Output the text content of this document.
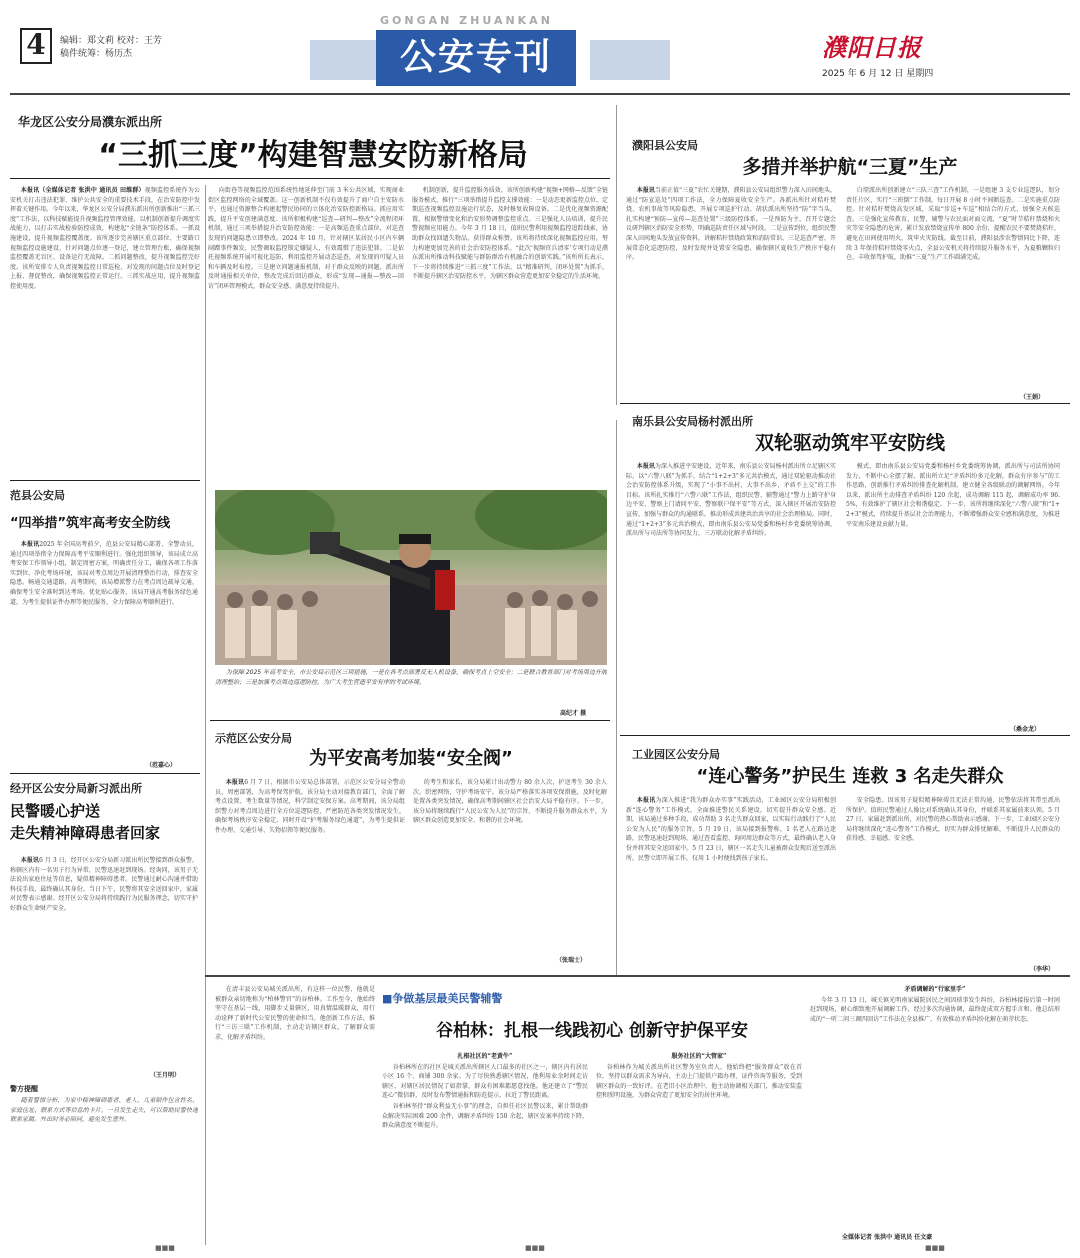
4	编辑：郑文莉 校对：王芳
稿件统筹：杨历杰
GONGAN ZHUANKAN
公安专刊	濮阳日报
2025 年 6 月 12 日 星期四
华龙区公安分局濮东派出所
“三抓三度”构建智慧安防新格局

本报讯（全媒体记者 张洪中 通讯员 田维群）视频监控系统作为公安机关打击违法犯罪、维护公共安全的重要技术手段，在治安防控中发挥着关键作用。今年以来，华龙区公安分局濮东派出所创新推出“三抓三度”工作法，以科技赋能提升视频监控管理效能，以机制创新提升调度实战能力，以打击实战检验防控成效，构建起“全链条”防控体系。一抓设施建设，提升视频监控覆盖度。该所逐步完善辖区重点部位、主要路口视频监控设施建设，针对问题点位逐一登记，建立管理台账，确保视频监控覆盖无盲区、设备运行无故障。二抓问题整改，提升视频监控完好度。该所安排专人负责视频监控日常巡检，对发现的问题点位及时登记上报、督促整改，确保视频监控正常运行。三抓实战应用，提升视频监控使用度。

向街巷等视频监控范围系统性地延伸至门前 3 米公共区域，实现商业街区监控网络的全域覆盖。这一创新机制不仅有效提升了商户自主安防水平，也通过资源整合构建起警民协同的立体化治安防控新格局。抓应用实践，提升平安创建满意度。该所积极构建“巡查—研判—整改”全流程闭环机制，通过三项举措提升治安防控效能：一是高频巡查重点部位，对巡查发现的问题隐患立即整改。2024 年 10 月，针对辖区某居民小区内车辆剐蹭事件频发，民警调取监控锁定嫌疑人，有效震慑了违法犯罪。二是依托视频系统开展可视化巡防，利用监控开展动态巡查，对发现的可疑人员和车辆及时布控。三是建立问题通报机制，对于群众反映的问题，派出所及时通报相关单位，整改完成后回访群众，形成“发现—通报—整改—回访”闭环管理模式，群众安全感、满意度持续提升。

机制创新，提升监控服务质效。该所创新构建“视频+网格—反馈”全链服务模式，推行“三项举措提升监控支撑效能：一是动态更新监控点位，定期巡查视频监控设施运行状态，及时修复故障设备。二是优化视频资源配置，根据警情变化和治安形势调整监控重点。三是强化人员培训，提升民警视频应用能力。今年 3 月 18 日，值班民警利用视频监控追踪线索，协助群众找回遗失物品，获得群众称赞。该所将持续深化视频监控应用，努力构建更加完善的社会治安防控体系。“此次‘视频官兵清零’专项行动是濮东派出所推动科技赋能与群防群治有机融合的创新实践。”该所所长表示，下一步将持续推进“三抓三度”工作法，以“精准研判、闭环处置”为抓手，不断提升辖区治安防控水平，为辖区群众营造更加安全稳定的生活环境。

濮阳县公安局
多措并举护航“三夏”生产

本报讯当前正值“三夏”农忙关键期，濮阳县公安局组织警力深入田间地头，通过“防宣巡处”四项工作法，全力保障夏收安全生产。各派出所针对秸秆焚烧、农机事故等风险隐患，开展专项巡护行动。胡状派出所坚持“防”字当头，扎实构建“预防—宣传—巡查处置”三级防控体系。一是预防为主，召开专题会议研判辖区消防安全形势，明确巡防责任区域与时段。二是宣传到位，组织民警深入田间地头发放宣传资料，讲解秸秆禁烧政策和消防常识。三是巡查严密，开展常态化巡逻防控，及时发现并处置安全隐患，确保辖区夏收生产秩序平稳有序。

白堽派出所创新建立“三队三查”工作机制，一是组建 3 支专业巡逻队，划分责任片区，实行“三班倒”工作制，每日开展 8 小时不间断巡查。二是实施重点防控。针对秸秆焚烧高发区域，采取“步巡+车巡”相结合的方式，加强全天候巡查。三是强化宣传教育，民警、辅警与农民面对面交流，“夏”时节秸秆禁烧和火灾等安全隐患的危害，累计发放禁烧宣传单 800 余份，提醒农民不要焚烧秸秆，避免在田间使用明火，筑牢火灾防线。截至目前，濮阳县涉农警情同比下降，连续 3 年保持秸秆禁烧零火点，全县公安机关将持续提升服务水平，为夏粮颗粒归仓、丰收保驾护航，助推“三夏”生产工作圆满完成。

（王娟）
南乐县公安局杨村派出所
双轮驱动筑牢平安防线

本报讯为深入推进平安建设，近年来，南乐县公安局杨村派出所立足辖区实际，以“六警八联”为抓手，结合“1+2+3”多元共治模式，通过双轮驱动推动社会治安防控体系升级，实现了“小事不出村，大事不出乡，矛盾不上交”的工作目标。该所扎实推行“六警六联”工作法，组织民警、辅警通过“警力上路守护身边平安、警察上门请问平安、警察联户保平安”等方式，深入辖区开展治安防控宣传，加强与群众的沟通联系，推动形成共建共治共享的社会治理格局。同时，通过“1+2+3”多元共治模式，即由南乐县公安局党委和杨村乡党委统筹协调，派出所与司法所等协同发力，三方联动化解矛盾纠纷。

模式，即由南乐县公安局党委和杨村乡党委统筹协调，派出所与司法所协同发力，不断中心全摆了解。派出所立足“矛盾纠纷多元化解，群众有序参与”的工作思路，创新推行矛盾纠纷排查化解机制，建立健全各级联动的调解网络。今年以来，派出所主动排查矛盾纠纷 120 余起，成功调解 115 起，调解成功率 96.5%，有效维护了辖区社会和谐稳定。下一步，该所将继续深化“六警八联”和“1+2+3”模式，持续提升基层社会治理能力，不断增强群众安全感和满意度，为推进平安南乐建设贡献力量。

（桑金龙）
工业园区公安分局
“连心警务”护民生 连救 3 名走失群众

本报讯为深入推进“我为群众办实事”实践活动，工业园区公安分局积极创新“连心警务”工作模式，全面推进警民关系建设，切实提升群众安全感。近期，该局通过多种手段，成功帮助 3 名走失群众回家，以实际行动践行了“人民公安为人民”的服务宗旨。5 月 19 日，该局接到报警称，1 名老人在路边迷路，民警迅速赶到现场，通过查看监控、询问周边群众等方式，最终确认老人身份并将其安全送回家中。5 月 23 日，辖区一名走失儿童被群众发现后送至派出所，民警立即开展工作，仅用 1 小时便找到孩子家长。

安全隐患。因该男子疑似精神障碍且无法正常沟通，民警依法将其带至派出所保护。值班民警通过人像比对系统确认其身份，并联系其家属前来认领。5 月 27 日，家属赶到派出所，对民警的热心帮助表示感谢。下一步，工业园区公安分局将继续深化“连心警务”工作模式，切实为群众排忧解难，不断提升人民群众的获得感、幸福感、安全感。

（李华）
范县公安局
“四举措”筑牢高考安全防线

本报讯2025 年全国高考前夕，范县公安局精心部署，全警动员，通过四项举措全力保障高考平安顺利进行。强化组织领导，该局成立高考安保工作领导小组，制定周密方案，明确责任分工，确保各项工作落实到位。净化考场环境，该局对考点周边开展清理整治行动，排查安全隐患。畅通交通道路，高考期间，该局增派警力在考点周边疏导交通，确保考生安全准时到达考场。优化贴心服务，该局开通高考服务绿色通道，为考生提供证件办理等便民服务，全力保障高考顺利进行。

（范嘉心）
经开区公安分局新习派出所
民警暖心护送
走失精神障碍患者回家

本报讯6 月 3 日，经开区公安分局新习派出所民警接到群众报警，称辖区内有一名男子行为异常，民警迅速赶到现场。经询问，该男子无法说出家庭住址等信息，疑似精神障碍患者。民警通过耐心沟通并借助科技手段，最终确认其身份。当日下午，民警将其安全送回家中，家属对民警表示感谢。经开区公安分局将持续践行为民服务理念，切实守护好群众生命财产安全。

（王月明）
警方提醒

随着警情分析，为家中精神障碍患者、老人、儿童制作包含姓名、家庭住址、联系方式等信息的卡片，一旦发生走失，可以帮助民警快速联系家属。外出时务必陪同，避免发生意外。

为保障 2025 年高考安全，市公安局示范区三项措施，一是在各考点部署反无人机设备，确保考点上空安全；二是联合教育部门对考场周边开展清理整治；三是加强考点周边巡逻防控，为广大考生营造平安有序的考试环境。

高纪才 摄
示范区公安分局
为平安高考加装“安全阀”

本报讯6 月 7 日，根据市公安局总体部署，示范区公安分局全警动员，周密部署，为高考保驾护航。该分局主动对接教育部门，全面了解考点设置、考生数量等情况，科学制定安保方案。高考期间，该分局组织警力对考点周边进行全方位巡逻防控，严密防范各类突发情况发生，确保考场秩序安全稳定。同时开设“护考服务绿色通道”，为考生提供证件办理、交通引导、失物招领等便民服务。

的考生和家长，该分局累计出动警力 80 余人次，护送考生 30 余人次。织密网络，守护考场安宁。该分局严格落实各项安保措施，及时化解处置各类突发情况，确保高考期间辖区社会治安大局平稳有序。下一步，该分局将继续践行“人民公安为人民”的宗旨，不断提升服务群众水平，为辖区群众创造更加安全、和谐的社会环境。

（张瑞士）

在清丰县公安局城关派出所，有这样一位民警，他就是被群众亲切地称为“柏林警官”的谷柏林。工作至今，他始终坚守在基层一线，用脚步丈量辖区，用真情温暖群众，用行动诠释了新时代公安民警的使命担当。他创新工作方法，推行“三访三联”工作机制，主动走访辖区群众，了解群众需求，化解矛盾纠纷。

■争做基层最美民警辅警
谷柏林：扎根一线践初心 创新守护保平安

扎根社区的“老黄牛”

谷柏林所在的社区是城关派出所辖区人口最多的社区之一，辖区内有居民小区 16 个、商铺 300 余家。为了尽快熟悉辖区情况，他利用业余时间走访辖区，对辖区居民情况了如指掌，群众有困难都愿意找他。他还建立了“警民连心”微信群，及时发布警情通报和防范提示，拉近了警民距离。

谷柏林坚持“群众利益无小事”的理念，自担任社区民警以来，累计帮助群众解决实际困难 200 余件，调解矛盾纠纷 150 余起，辖区发案率持续下降，群众满意度不断提升。

服务社区的“大管家”

谷柏林作为城关派出所社区警务室负责人，他始终把“服务群众”放在首位，坚持以群众需求为导向，主动上门提供户籍办理、证件咨询等服务，受到辖区群众的一致好评。在老旧小区治理中，他主动协调相关部门，推动安装监控和照明设施，为群众营造了更加安全的居住环境。

矛盾调解的“行家里手”

今年 3 月 13 日，城关镇光明南家属院居民之间因琐事发生纠纷，谷柏林接报后第一时间赶到现场，耐心细致地开展调解工作，经过多次沟通协调，最终促成双方握手言和。他总结形成的“一听二问三调四回访”工作法在全县推广，有效推动矛盾纠纷化解在萌芽状态。

全媒体记者 张洪中 通讯员 任文豪
■■■	■■■	■■■
